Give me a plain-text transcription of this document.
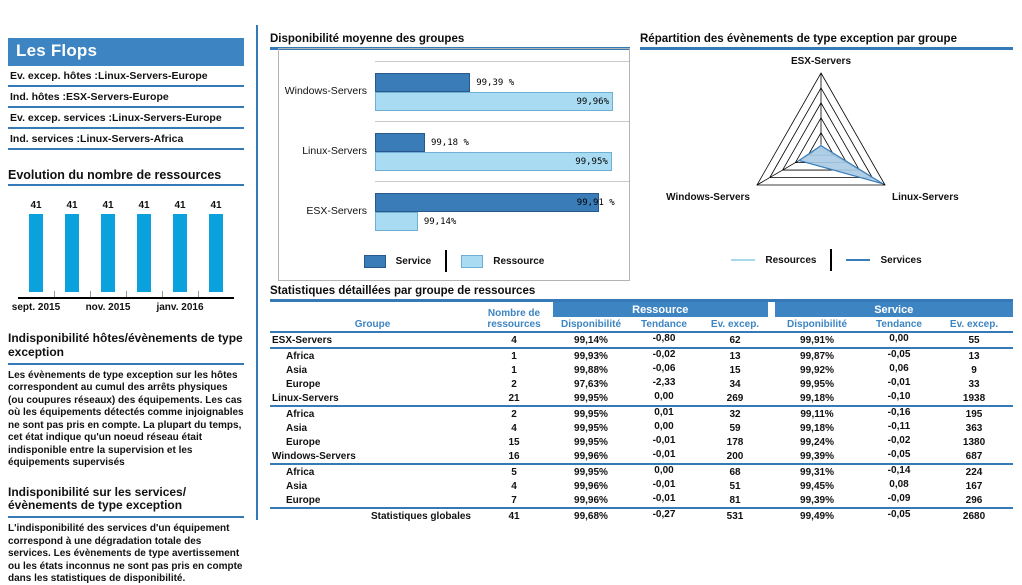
Les Flops
Ev. excep. hôtes :Linux-Servers-Europe
Ind. hôtes :ESX-Servers-Europe
Ev. excep. services :Linux-Servers-Europe
Ind. services :Linux-Servers-Africa
Evolution du nombre de ressources
41 41 41 41 41 41
sept. 2015	nov. 2015	janv. 2016
Indisponibilité hôtes/évènements de type exception
Les évènements de type exception sur les hôtes correspondent au cumul des arrêts physiques (ou coupures réseaux) des équipements. Les cas où les équipements détectés comme injoignables ne sont pas pris en compte. La plupart du temps, cet état indique qu'un noeud réseau était indisponible entre la supervision et les équipements supervisés
Indisponibilité sur les services/évènements de type exception
L'indisponibilité des services d'un équipement correspond à une dégradation totale des services. Les évènements de type avertissement ou les états inconnus ne sont pas pris en compte dans les statistiques de disponibilité.
Disponibilité moyenne des groupes
Windows-Servers
99,39 %
99,96%
Linux-Servers
99,18 %
99,95%
ESX-Servers
99,91 %
99,14%
Service	Ressource
Répartition des évènements de type exception par groupe
ESX-Servers
Linux-Servers
Windows-Servers
Resources	Services
Statistiques détaillées par groupe de ressources
Groupe	Nombre de ressources	Ressource			Service		
		Disponibilité	Tendance	Ev. excep.	Disponibilité	Tendance	Ev. excep.
ESX-Servers	4	99,14%	-0,80	62	99,91%	0,00	55
Africa	1	99,93%	-0,02	13	99,87%	-0,05	13
Asia	1	99,88%	-0,06	15	99,92%	0,06	9
Europe	2	97,63%	-2,33	34	99,95%	-0,01	33
Linux-Servers	21	99,95%	0,00	269	99,18%	-0,10	1938
Africa	2	99,95%	0,01	32	99,11%	-0,16	195
Asia	4	99,95%	0,00	59	99,18%	-0,11	363
Europe	15	99,95%	-0,01	178	99,24%	-0,02	1380
Windows-Servers	16	99,96%	-0,01	200	99,39%	-0,05	687
Africa	5	99,95%	0,00	68	99,31%	-0,14	224
Asia	4	99,96%	-0,01	51	99,45%	0,08	167
Europe	7	99,96%	-0,01	81	99,39%	-0,09	296
Statistiques globales	41	99,68%	-0,27	531	99,49%	-0,05	2680
